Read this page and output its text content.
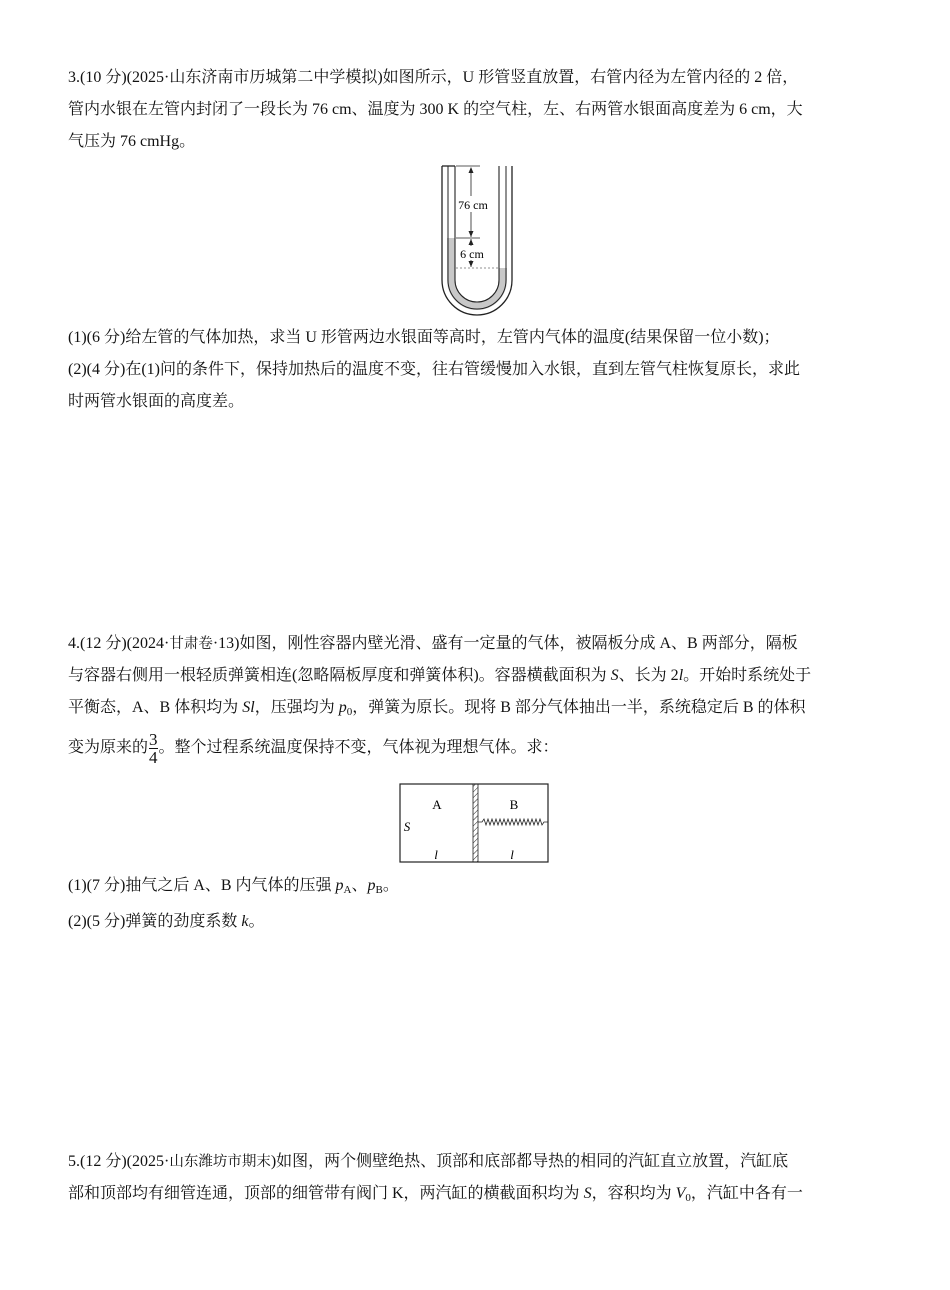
3.(10 分)(2025·山东济南市历城第二中学模拟)如图所示，U 形管竖直放置，右管内径为左管内径的 2 倍，
管内水银在左管内封闭了一段长为 76 cm、温度为 300 K 的空气柱，左、右两管水银面高度差为 6 cm，大
气压为 76 cmHg。
76 cm
6 cm
(1)(6 分)给左管的气体加热，求当 U 形管两边水银面等高时，左管内气体的温度(结果保留一位小数)；
(2)(4 分)在(1)问的条件下，保持加热后的温度不变，往右管缓慢加入水银，直到左管气柱恢复原长，求此
时两管水银面的高度差。
4.(12 分)(2024·甘肃卷·13)如图，刚性容器内壁光滑、盛有一定量的气体，被隔板分成 A、B 两部分，隔板
与容器右侧用一根轻质弹簧相连(忽略隔板厚度和弹簧体积)。容器横截面积为 S、长为 2l。开始时系统处于
平衡态，A、B 体积均为 Sl，压强均为 $p_0$，弹簧为原长。现将 B 部分气体抽出一半，系统稳定后 B 的体积
变为原来的 $\frac{3}{4}$ 。整个过程系统温度保持不变，气体视为理想气体。求：
A	B
S
l	l
(1)(7 分)抽气之后 A、B 内气体的压强 $p_A$、$p_B$。
(2)(5 分)弹簧的劲度系数 k。
5.(12 分)(2025·山东潍坊市期末)如图，两个侧壁绝热、顶部和底部都导热的相同的汽缸直立放置，汽缸底
部和顶部均有细管连通，顶部的细管带有阀门 K，两汽缸的横截面积均为 S，容积均为 $V_0$，汽缸中各有一
